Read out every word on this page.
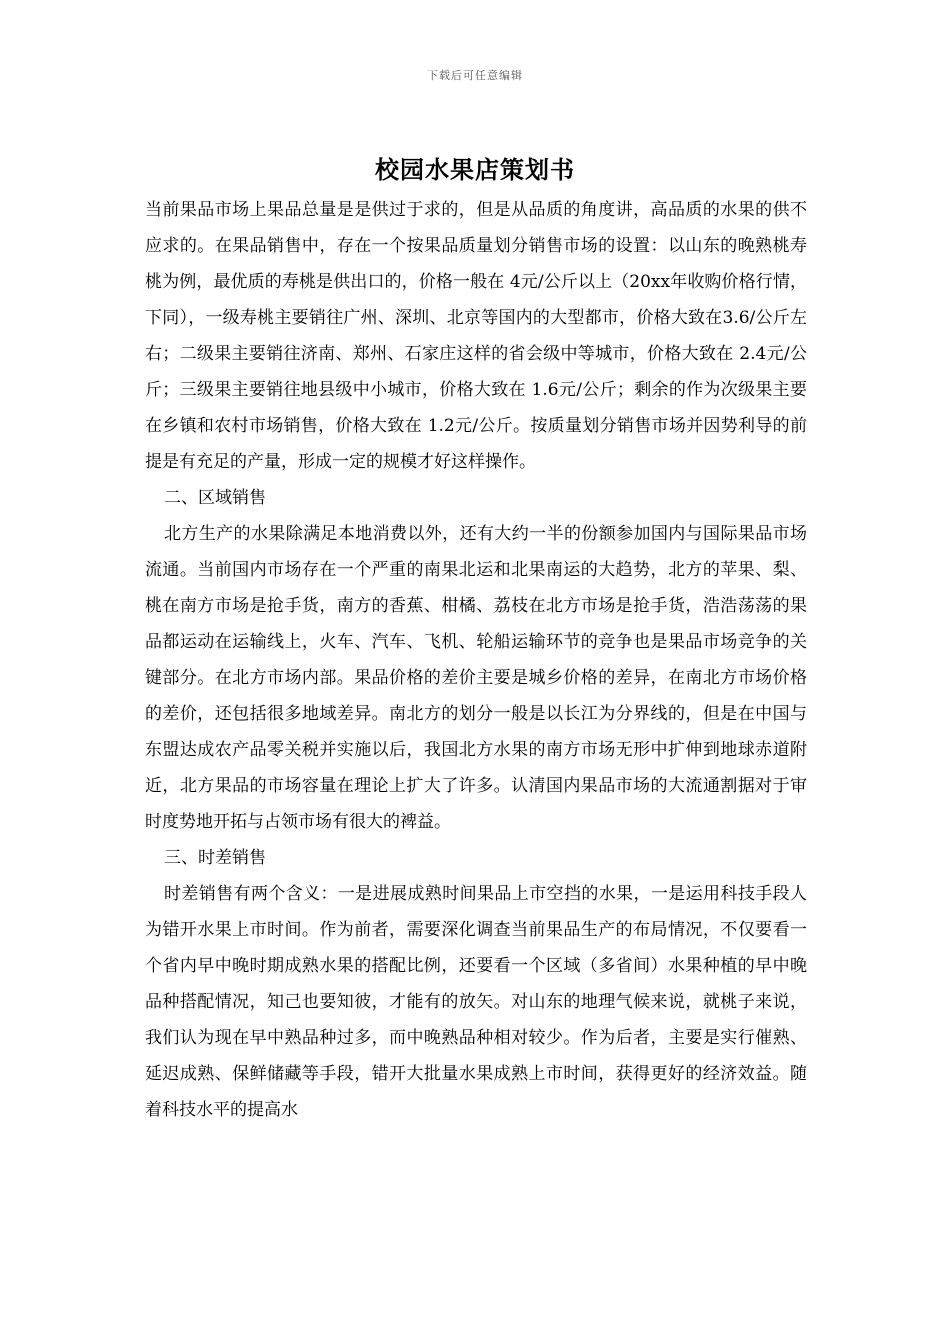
下载后可任意编辑
校园水果店策划书

当前果品市场上果品总量是是供过于求的，但是从品质的角度讲，高品质的水果的供不应求的。在果品销售中，存在一个按果品质量划分销售市场的设置：以山东的晚熟桃寿桃为例，最优质的寿桃是供出口的，价格一般在 4元/公斤以上（20xx年收购价格行情，下同），一级寿桃主要销往广州、深圳、北京等国内的大型都市，价格大致在3.6/公斤左右；二级果主要销往济南、郑州、石家庄这样的省会级中等城市，价格大致在 2.4元/公斤；三级果主要销往地县级中小城市，价格大致在 1.6元/公斤；剩余的作为次级果主要在乡镇和农村市场销售，价格大致在 1.2元/公斤。按质量划分销售市场并因势利导的前提是有充足的产量，形成一定的规模才好这样操作。

二、区域销售

北方生产的水果除满足本地消费以外，还有大约一半的份额参加国内与国际果品市场流通。当前国内市场存在一个严重的南果北运和北果南运的大趋势，北方的苹果、梨、桃在南方市场是抢手货，南方的香蕉、柑橘、荔枝在北方市场是抢手货，浩浩荡荡的果品都运动在运输线上，火车、汽车、飞机、轮船运输环节的竞争也是果品市场竞争的关键部分。在北方市场内部。果品价格的差价主要是城乡价格的差异，在南北方市场价格的差价，还包括很多地域差异。南北方的划分一般是以长江为分界线的，但是在中国与东盟达成农产品零关税并实施以后，我国北方水果的南方市场无形中扩伸到地球赤道附近，北方果品的市场容量在理论上扩大了许多。认清国内果品市场的大流通割据对于审时度势地开拓与占领市场有很大的裨益。

三、时差销售

时差销售有两个含义：一是进展成熟时间果品上市空挡的水果，一是运用科技手段人为错开水果上市时间。作为前者，需要深化调查当前果品生产的布局情况，不仅要看一个省内早中晚时期成熟水果的搭配比例，还要看一个区域（多省间）水果种植的早中晚品种搭配情况，知己也要知彼，才能有的放矢。对山东的地理气候来说，就桃子来说，我们认为现在早中熟品种过多，而中晚熟品种相对较少。作为后者，主要是实行催熟、延迟成熟、保鲜储藏等手段，错开大批量水果成熟上市时间，获得更好的经济效益。随着科技水平的提高水
